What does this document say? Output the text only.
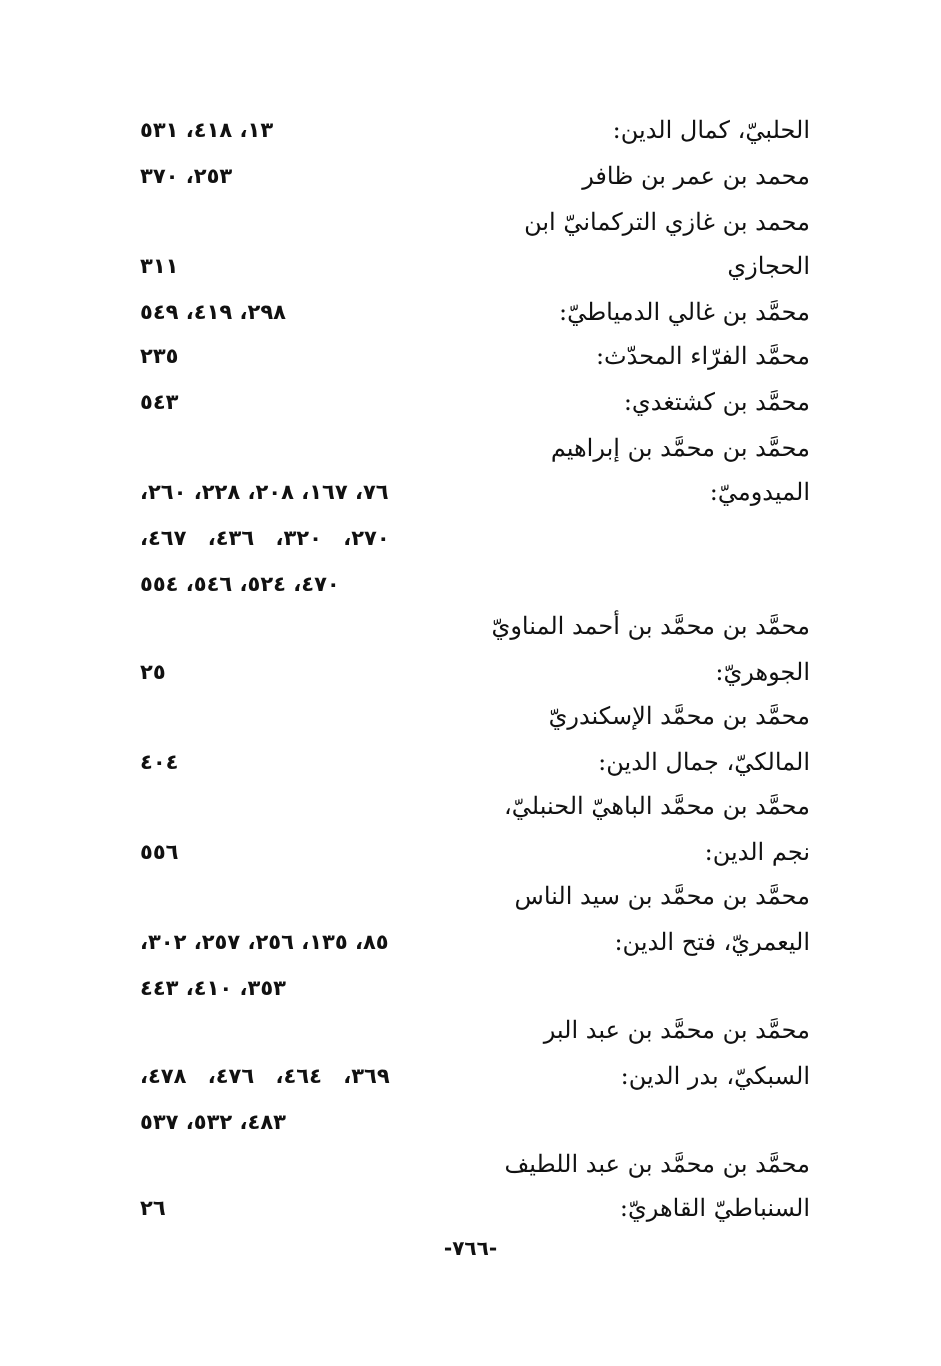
الحلبيّ، كمال الدين:
١٣، ٤١٨، ٥٣١
محمد بن عمر بن ظافر
٢٥٣، ٣٧٠
محمد بن غازي التركمانيّ ابن
الحجازي
٣١١
محمَّد بن غالي الدمياطيّ:
٢٩٨، ٤١٩، ٥٤٩
محمَّد الفرّاء المحدّث:
٢٣٥
محمَّد بن كشتغدي:
٥٤٣
محمَّد بن محمَّد بن إبراهيم
الميدوميّ:
٧٦، ١٦٧، ٢٠٨، ٢٢٨، ٢٦٠،
٢٧٠، ٣٢٠، ٤٣٦، ٤٦٧،
٤٧٠، ٥٢٤، ٥٤٦، ٥٥٤
محمَّد بن محمَّد بن أحمد المناويّ
الجوهريّ:
٢٥
محمَّد بن محمَّد الإسكندريّ
المالكيّ، جمال الدين:
٤٠٤
محمَّد بن محمَّد الباهيّ الحنبليّ،
نجم الدين:
٥٥٦
محمَّد بن محمَّد بن سيد الناس
اليعمريّ، فتح الدين:
٨٥، ١٣٥، ٢٥٦، ٢٥٧، ٣٠٢،
٣٥٣، ٤١٠، ٤٤٣
محمَّد بن محمَّد بن عبد البر
السبكيّ، بدر الدين:
٣٦٩، ٤٦٤، ٤٧٦، ٤٧٨،
٤٨٣، ٥٣٢، ٥٣٧
محمَّد بن محمَّد بن عبد اللطيف
السنباطيّ القاهريّ:
٢٦
-٧٦٦-
